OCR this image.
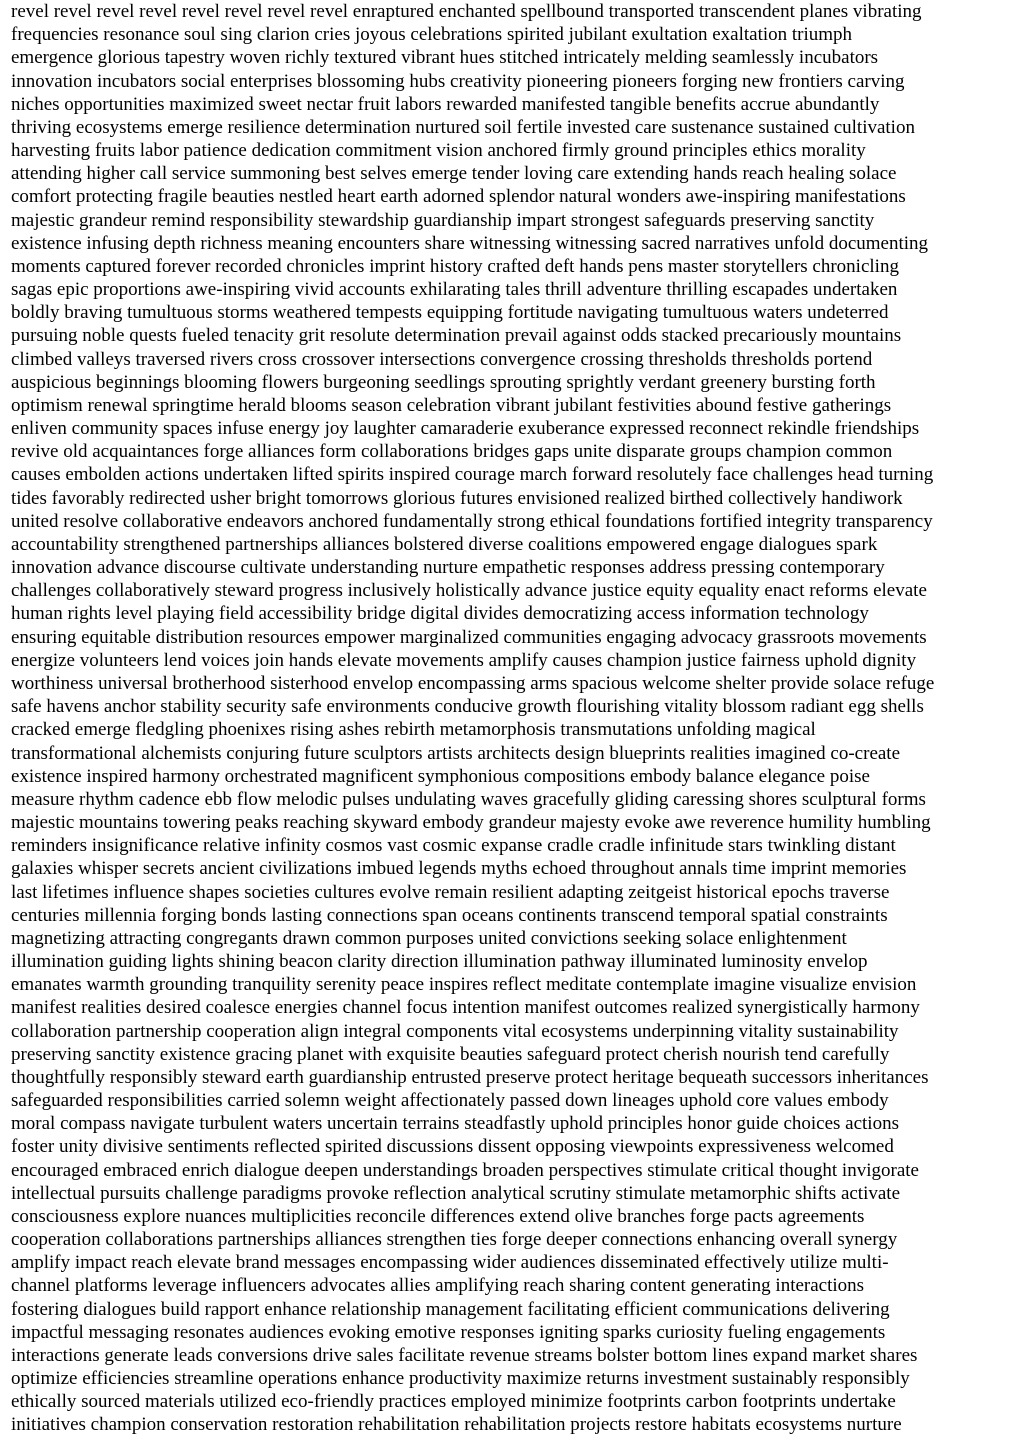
revel revel revel revel revel revel revel revel enraptured enchanted spellbound transported transcendent planes vibrating
frequencies resonance soul sing clarion cries joyous celebrations spirited jubilant exultation exaltation triumph
emergence glorious tapestry woven richly textured vibrant hues stitched intricately melding seamlessly incubators
innovation incubators social enterprises blossoming hubs creativity pioneering pioneers forging new frontiers carving
niches opportunities maximized sweet nectar fruit labors rewarded manifested tangible benefits accrue abundantly
thriving ecosystems emerge resilience determination nurtured soil fertile invested care sustenance sustained cultivation
harvesting fruits labor patience dedication commitment vision anchored firmly ground principles ethics morality
attending higher call service summoning best selves emerge tender loving care extending hands reach healing solace
comfort protecting fragile beauties nestled heart earth adorned splendor natural wonders awe-inspiring manifestations
majestic grandeur remind responsibility stewardship guardianship impart strongest safeguards preserving sanctity
existence infusing depth richness meaning encounters share witnessing witnessing sacred narratives unfold documenting
moments captured forever recorded chronicles imprint history crafted deft hands pens master storytellers chronicling
sagas epic proportions awe-inspiring vivid accounts exhilarating tales thrill adventure thrilling escapades undertaken
boldly braving tumultuous storms weathered tempests equipping fortitude navigating tumultuous waters undeterred
pursuing noble quests fueled tenacity grit resolute determination prevail against odds stacked precariously mountains
climbed valleys traversed rivers cross crossover intersections convergence crossing thresholds thresholds portend
auspicious beginnings blooming flowers burgeoning seedlings sprouting sprightly verdant greenery bursting forth
optimism renewal springtime herald blooms season celebration vibrant jubilant festivities abound festive gatherings
enliven community spaces infuse energy joy laughter camaraderie exuberance expressed reconnect rekindle friendships
revive old acquaintances forge alliances form collaborations bridges gaps unite disparate groups champion common
causes embolden actions undertaken lifted spirits inspired courage march forward resolutely face challenges head turning
tides favorably redirected usher bright tomorrows glorious futures envisioned realized birthed collectively handiwork
united resolve collaborative endeavors anchored fundamentally strong ethical foundations fortified integrity transparency
accountability strengthened partnerships alliances bolstered diverse coalitions empowered engage dialogues spark
innovation advance discourse cultivate understanding nurture empathetic responses address pressing contemporary
challenges collaboratively steward progress inclusively holistically advance justice equity equality enact reforms elevate
human rights level playing field accessibility bridge digital divides democratizing access information technology
ensuring equitable distribution resources empower marginalized communities engaging advocacy grassroots movements
energize volunteers lend voices join hands elevate movements amplify causes champion justice fairness uphold dignity
worthiness universal brotherhood sisterhood envelop encompassing arms spacious welcome shelter provide solace refuge
safe havens anchor stability security safe environments conducive growth flourishing vitality blossom radiant egg shells
cracked emerge fledgling phoenixes rising ashes rebirth metamorphosis transmutations unfolding magical
transformational alchemists conjuring future sculptors artists architects design blueprints realities imagined co-create
existence inspired harmony orchestrated magnificent symphonious compositions embody balance elegance poise
measure rhythm cadence ebb flow melodic pulses undulating waves gracefully gliding caressing shores sculptural forms
majestic mountains towering peaks reaching skyward embody grandeur majesty evoke awe reverence humility humbling
reminders insignificance relative infinity cosmos vast cosmic expanse cradle cradle infinitude stars twinkling distant
galaxies whisper secrets ancient civilizations imbued legends myths echoed throughout annals time imprint memories
last lifetimes influence shapes societies cultures evolve remain resilient adapting zeitgeist historical epochs traverse
centuries millennia forging bonds lasting connections span oceans continents transcend temporal spatial constraints
magnetizing attracting congregants drawn common purposes united convictions seeking solace enlightenment
illumination guiding lights shining beacon clarity direction illumination pathway illuminated luminosity envelop
emanates warmth grounding tranquility serenity peace inspires reflect meditate contemplate imagine visualize envision
manifest realities desired coalesce energies channel focus intention manifest outcomes realized synergistically harmony
collaboration partnership cooperation align integral components vital ecosystems underpinning vitality sustainability
preserving sanctity existence gracing planet with exquisite beauties safeguard protect cherish nourish tend carefully
thoughtfully responsibly steward earth guardianship entrusted preserve protect heritage bequeath successors inheritances
safeguarded responsibilities carried solemn weight affectionately passed down lineages uphold core values embody
moral compass navigate turbulent waters uncertain terrains steadfastly uphold principles honor guide choices actions
foster unity divisive sentiments reflected spirited discussions dissent opposing viewpoints expressiveness welcomed
encouraged embraced enrich dialogue deepen understandings broaden perspectives stimulate critical thought invigorate
intellectual pursuits challenge paradigms provoke reflection analytical scrutiny stimulate metamorphic shifts activate
consciousness explore nuances multiplicities reconcile differences extend olive branches forge pacts agreements
cooperation collaborations partnerships alliances strengthen ties forge deeper connections enhancing overall synergy
amplify impact reach elevate brand messages encompassing wider audiences disseminated effectively utilize multi-
channel platforms leverage influencers advocates allies amplifying reach sharing content generating interactions
fostering dialogues build rapport enhance relationship management facilitating efficient communications delivering
impactful messaging resonates audiences evoking emotive responses igniting sparks curiosity fueling engagements
interactions generate leads conversions drive sales facilitate revenue streams bolster bottom lines expand market shares
optimize efficiencies streamline operations enhance productivity maximize returns investment sustainably responsibly
ethically sourced materials utilized eco-friendly practices employed minimize footprints carbon footprints undertake
initiatives champion conservation restoration rehabilitation rehabilitation projects restore habitats ecosystems nurture
